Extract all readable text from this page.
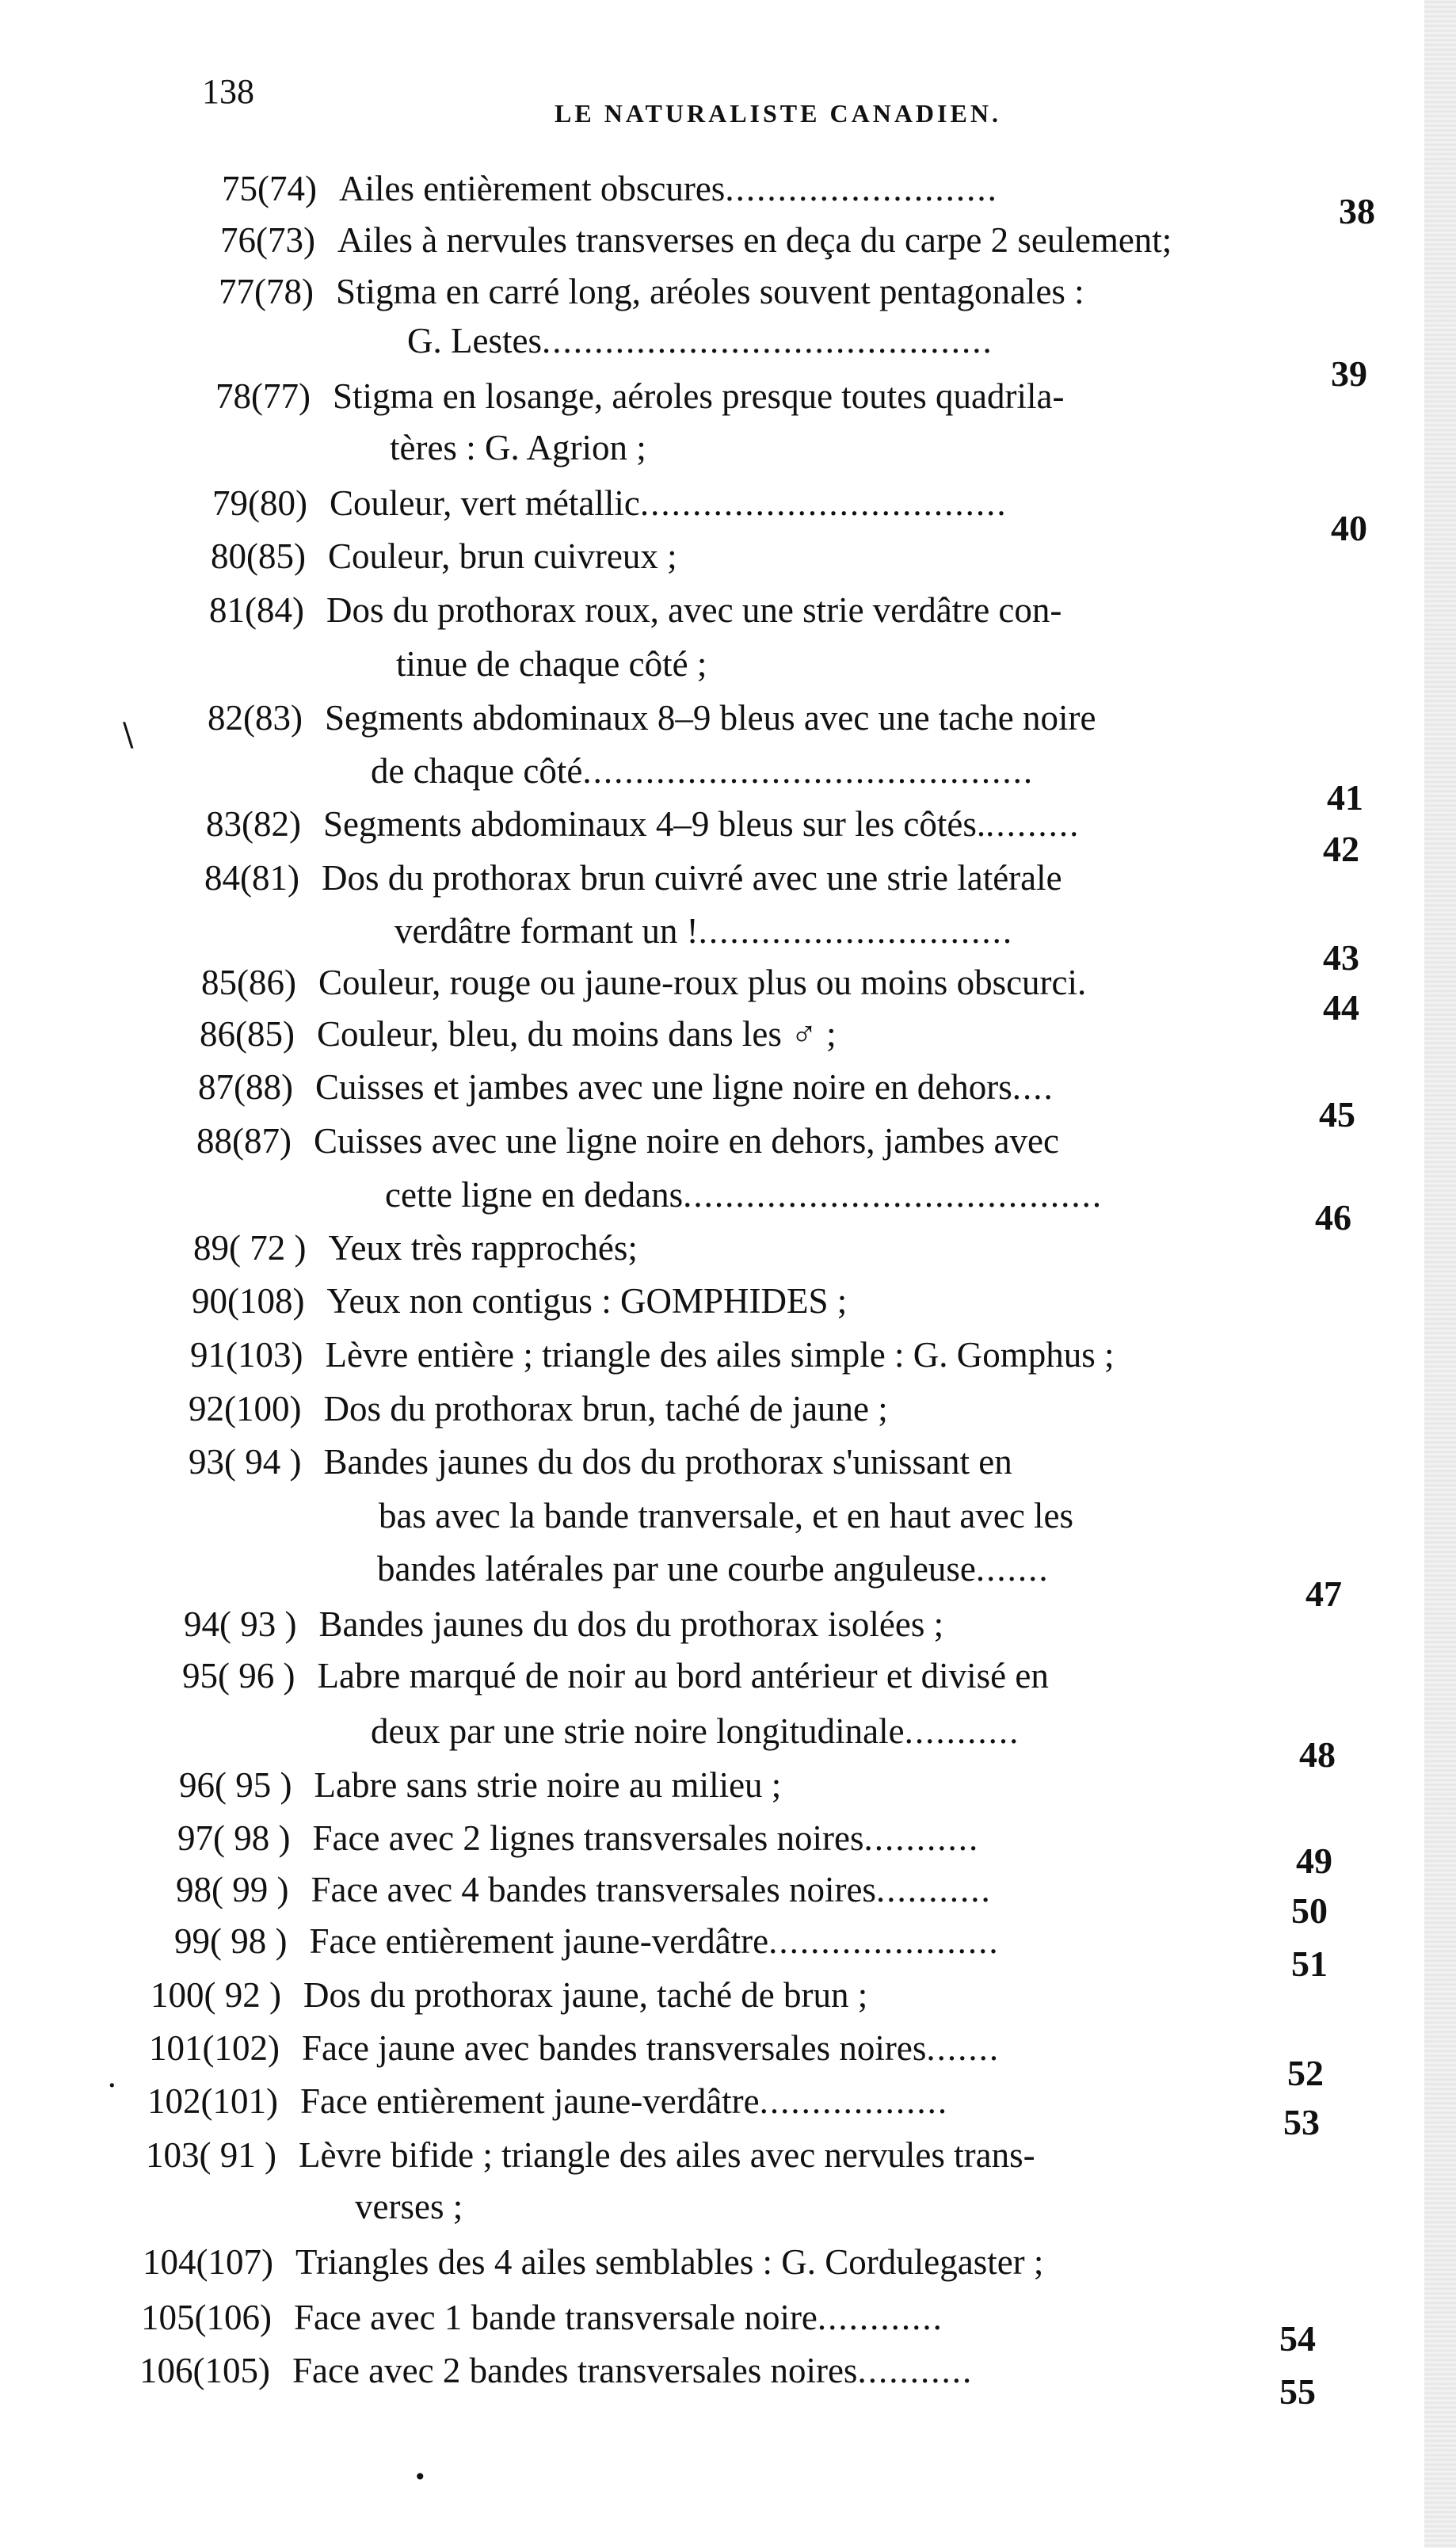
138
LE NATURALISTE CANADIEN.
75(74) Ailes entièrement obscures..........................
38
76(73) Ailes à nervules transverses en deça du carpe 2 seulement;
77(78) Stigma en carré long, aréoles souvent pentagonales :
G. Lestes...........................................
39
78(77) Stigma en losange, aéroles presque toutes quadrila-
tères : G. Agrion ;
79(80) Couleur, vert métallic...................................
40
80(85) Couleur, brun cuivreux ;
81(84) Dos du prothorax roux, avec une strie verdâtre con-
tinue de chaque côté ;
82(83) Segments abdominaux 8–9 bleus avec une tache noire
de chaque côté...........................................
41
83(82) Segments abdominaux 4–9 bleus sur les côtés..........
42
84(81) Dos du prothorax brun cuivré avec une strie latérale
verdâtre formant un !..............................
43
85(86) Couleur, rouge ou jaune-roux plus ou moins obscurci.
44
86(85) Couleur, bleu, du moins dans les ♂ ;
87(88) Cuisses et jambes avec une ligne noire en dehors....
45
88(87) Cuisses avec une ligne noire en dehors, jambes avec
cette ligne en dedans........................................
46
89( 72 ) Yeux très rapprochés;
90(108) Yeux non contigus : GOMPHIDES ;
91(103) Lèvre entière ; triangle des ailes simple : G. Gomphus ;
92(100) Dos du prothorax brun, taché de jaune ;
93( 94 ) Bandes jaunes du dos du prothorax s'unissant en
bas avec la bande tranversale, et en haut avec les
bandes latérales par une courbe anguleuse.......
47
94( 93 ) Bandes jaunes du dos du prothorax isolées ;
95( 96 ) Labre marqué de noir au bord antérieur et divisé en
deux par une strie noire longitudinale...........
48
96( 95 ) Labre sans strie noire au milieu ;
97( 98 ) Face avec 2 lignes transversales noires...........
49
98( 99 ) Face avec 4 bandes transversales noires...........
50
99( 98 ) Face entièrement jaune-verdâtre......................
51
100( 92 ) Dos du prothorax jaune, taché de brun ;
101(102) Face jaune avec bandes transversales noires.......
52
102(101) Face entièrement jaune-verdâtre..................
53
103( 91 ) Lèvre bifide ; triangle des ailes avec nervules trans-
verses ;
104(107) Triangles des 4 ailes semblables : G. Cordulegaster ;
105(106) Face avec 1 bande transversale noire............
54
106(105) Face avec 2 bandes transversales noires...........
55
\
·
•
